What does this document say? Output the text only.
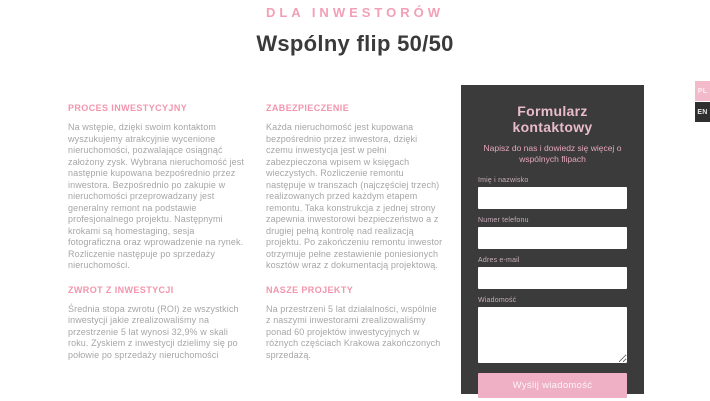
DLA INWESTORÓW
Wspólny flip 50/50
PROCES INWESTYCYJNY
Na wstępie, dzięki swoim kontaktom wyszukujemy atrakcyjnie wycenione nieruchomości, pozwalające osiągnąć założony zysk. Wybrana nieruchomość jest następnie kupowana bezpośrednio przez inwestora. Bezpośrednio po zakupie w nieruchomości przeprowadzany jest generalny remont na podstawie profesjonalnego projektu. Następnymi krokami są homestaging, sesja fotograficzna oraz wprowadzenie na rynek. Rozliczenie następuje po sprzedaży nieruchomości.
ZWROT Z INWESTYCJI
Średnia stopa zwrotu (ROI) ze wszystkich inwestycji jakie zrealizowaliśmy na przestrzenie 5 lat wynosi 32,9% w skali roku. Zyskiem z inwestycji dzielimy się po połowie po sprzedaży nieruchomości
ZABEZPIECZENIE
Każda nieruchomość jest kupowana bezpośrednio przez inwestora, dzięki czemu inwestycja jest w pełni zabezpieczona wpisem w księgach wieczystych. Rozliczenie remontu następuje w transzach (najczęściej trzech) realizowanych przed każdym etapem remontu. Taka konstrukcja z jednej strony zapewnia inwestorowi bezpieczeństwo a z drugiej pełną kontrolę nad realizacją projektu. Po zakończeniu remontu inwestor otrzymuje pełne zestawienie poniesionych kosztów wraz z dokumentacją projektową.
NASZE PROJEKTY
Na przestrzeni 5 lat działalności, wspólnie z naszymi inwestorami zrealizowaliśmy ponad 60 projektów inwestycyjnych w różnych częściach Krakowa zakończonych sprzedażą.
Formularz kontaktowy
Napisz do nas i dowiedz się więcej o wspólnych flipach
Imię i nazwisko
Numer telefonu
Adres e-mail
Wiadomość
Wyślij wiadomość
PL
EN
